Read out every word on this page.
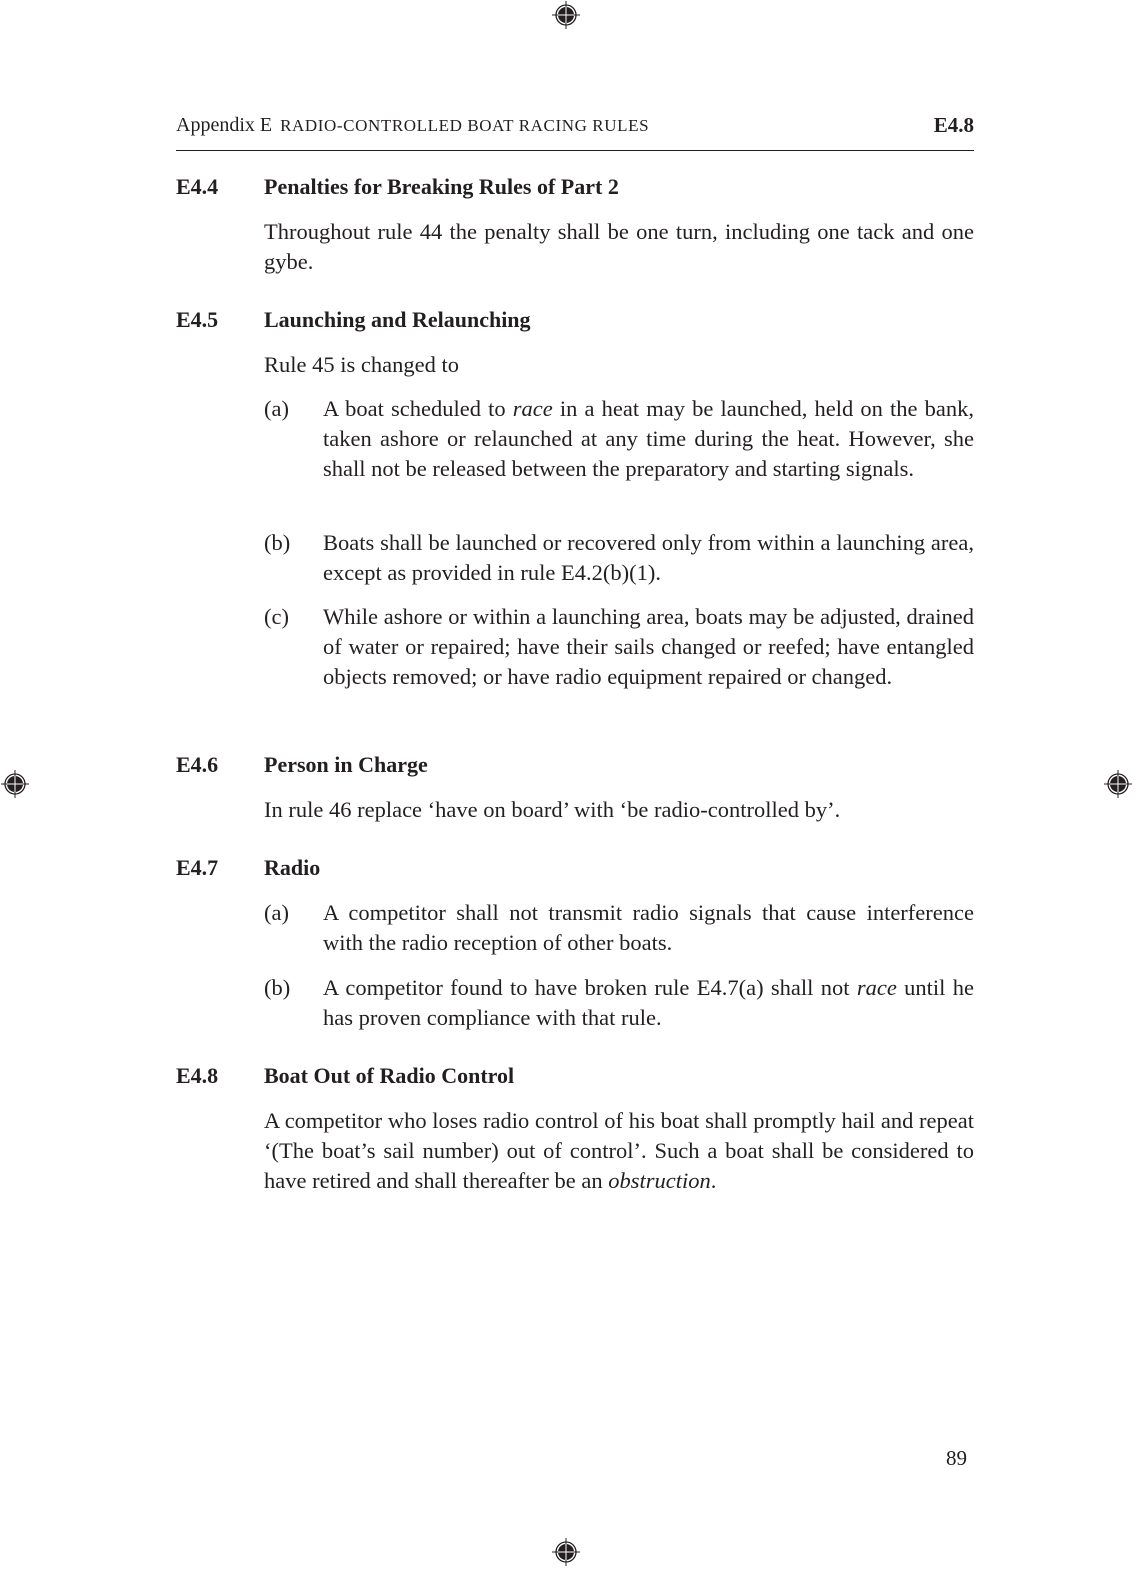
Appendix E RADIO-CONTROLLED BOAT RACING RULES	E4.8
E4.4 Penalties for Breaking Rules of Part 2
Throughout rule 44 the penalty shall be one turn, including one tack and one gybe.
E4.5 Launching and Relaunching
Rule 45 is changed to
(a) A boat scheduled to race in a heat may be launched, held on the bank, taken ashore or relaunched at any time during the heat. However, she shall not be released between the preparatory and starting signals.
(b) Boats shall be launched or recovered only from within a launching area, except as provided in rule E4.2(b)(1).
(c) While ashore or within a launching area, boats may be adjusted, drained of water or repaired; have their sails changed or reefed; have entangled objects removed; or have radio equipment repaired or changed.
E4.6 Person in Charge
In rule 46 replace ‘have on board’ with ‘be radio-controlled by’.
E4.7 Radio
(a) A competitor shall not transmit radio signals that cause interference with the radio reception of other boats.
(b) A competitor found to have broken rule E4.7(a) shall not race until he has proven compliance with that rule.
E4.8 Boat Out of Radio Control
A competitor who loses radio control of his boat shall promptly hail and repeat ‘(The boat’s sail number) out of control’. Such a boat shall be considered to have retired and shall thereafter be an obstruction.
89
